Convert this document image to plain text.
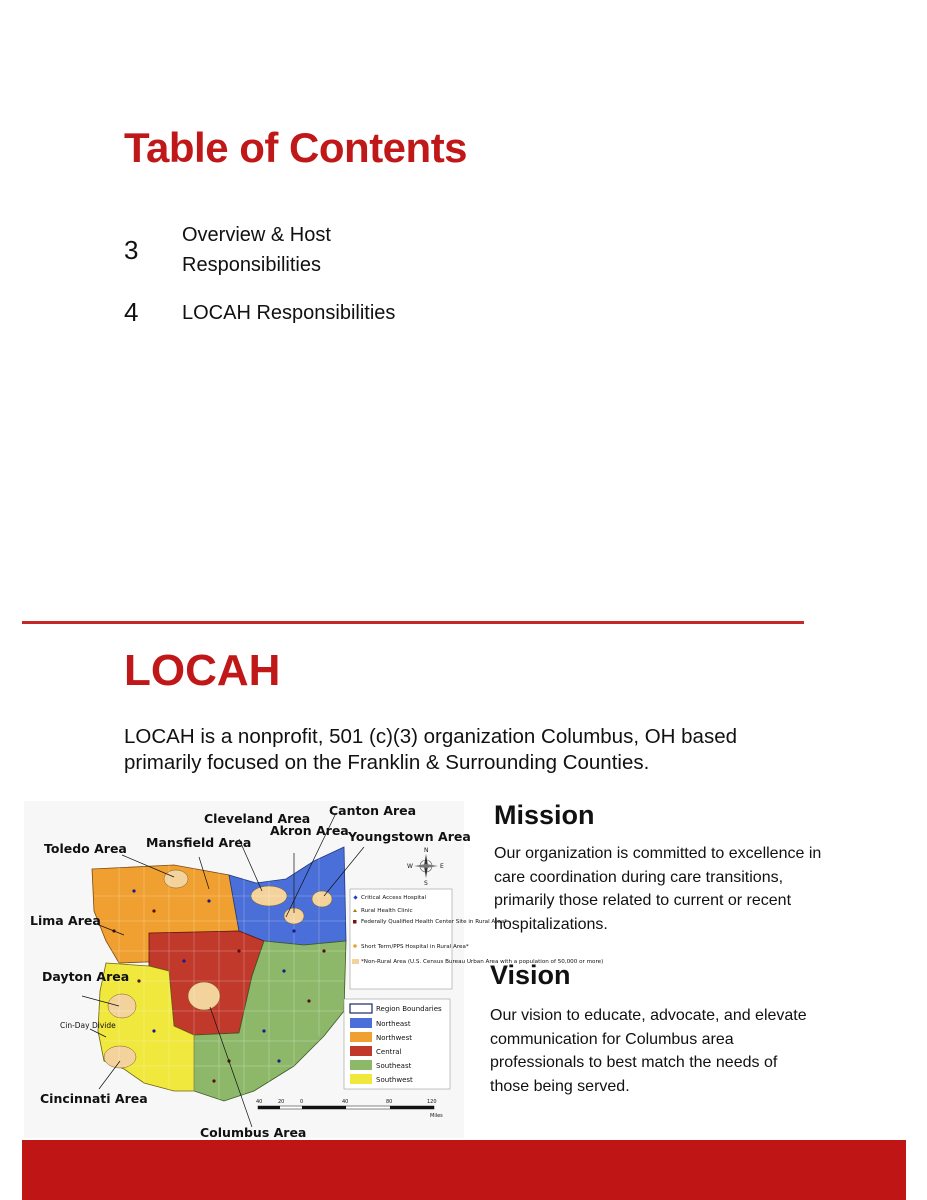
Table of Contents
3	Overview & Host Responsibilities
4	LOCAH Responsibilities
LOCAH

LOCAH is a nonprofit, 501 (c)(3) organization Columbus, OH based primarily focused on the Franklin & Surrounding Counties.

Cleveland Area
Canton Area
Akron Area Youngstown Area
Toledo Area Mansfield Area
Lima Area
Dayton Area
Cincinnati Area
Columbus Area
Cin-Day Divide
N
S
E
W
Critical Access Hospital
Rural Health Clinic
Federally Qualified Health Center Site in Rural Area*
Short Term/PPS Hospital in Rural Area*
*Non-Rural Area (U.S. Census Bureau Urban Area with a population of 50,000 or more)
Region Boundaries
Northeast
Northwest
Central
Southeast
Southwest
40	20	0	40	80	120
Miles
Mission

Our organization is committed to excellence in care coordination during care transitions, primarily those related to current or recent hospitalizations.

Vision

Our vision to educate, advocate, and elevate communication for Columbus area professionals to best match the needs of those being served.
